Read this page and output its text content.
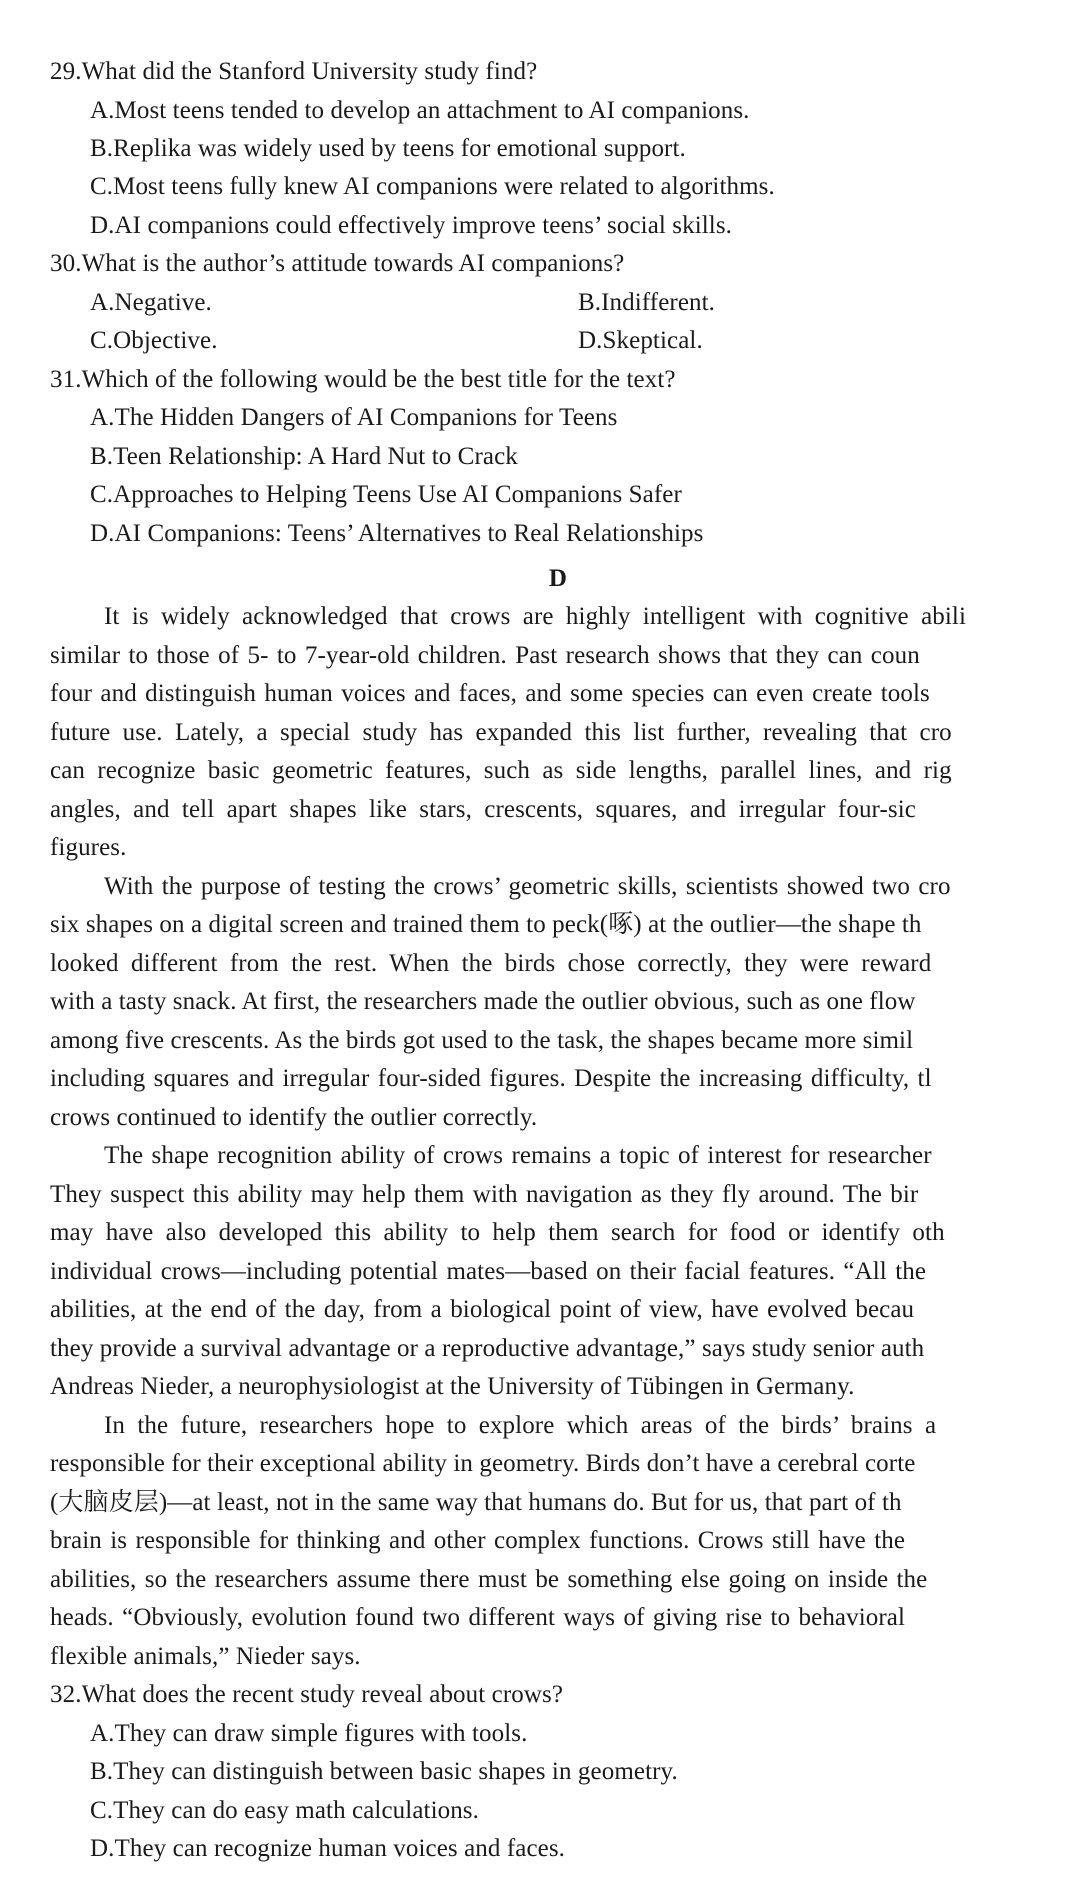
29.What did the Stanford University study find?
A.Most teens tended to develop an attachment to AI companions.
B.Replika was widely used by teens for emotional support.
C.Most teens fully knew AI companions were related to algorithms.
D.AI companions could effectively improve teens’ social skills.
30.What is the author’s attitude towards AI companions?
A.Negative.	B.Indifferent.
C.Objective.	D.Skeptical.
31.Which of the following would be the best title for the text?
A.The Hidden Dangers of AI Companions for Teens
B.Teen Relationship: A Hard Nut to Crack
C.Approaches to Helping Teens Use AI Companions Safer
D.AI Companions: Teens’ Alternatives to Real Relationships
D
It is widely acknowledged that crows are highly intelligent with cognitive abili
similar to those of 5- to 7-year-old children. Past research shows that they can coun
four and distinguish human voices and faces, and some species can even create tools
future use. Lately, a special study has expanded this list further, revealing that cro
can recognize basic geometric features, such as side lengths, parallel lines, and rig
angles, and tell apart shapes like stars, crescents, squares, and irregular four-sic
figures.
With the purpose of testing the crows’ geometric skills, scientists showed two cro
six shapes on a digital screen and trained them to peck(啄) at the outlier—the shape th
looked different from the rest. When the birds chose correctly, they were reward
with a tasty snack. At first, the researchers made the outlier obvious, such as one flow
among five crescents. As the birds got used to the task, the shapes became more simil
including squares and irregular four-sided figures. Despite the increasing difficulty, tl
crows continued to identify the outlier correctly.
The shape recognition ability of crows remains a topic of interest for researcher
They suspect this ability may help them with navigation as they fly around. The bir
may have also developed this ability to help them search for food or identify oth
individual crows—including potential mates—based on their facial features. “All the
abilities, at the end of the day, from a biological point of view, have evolved becau
they provide a survival advantage or a reproductive advantage,” says study senior auth
Andreas Nieder, a neurophysiologist at the University of Tübingen in Germany.
In the future, researchers hope to explore which areas of the birds’ brains a
responsible for their exceptional ability in geometry. Birds don’t have a cerebral corte
(大脑皮层)—at least, not in the same way that humans do. But for us, that part of th
brain is responsible for thinking and other complex functions. Crows still have the
abilities, so the researchers assume there must be something else going on inside the
heads. “Obviously, evolution found two different ways of giving rise to behavioral
flexible animals,” Nieder says.
32.What does the recent study reveal about crows?
A.They can draw simple figures with tools.
B.They can distinguish between basic shapes in geometry.
C.They can do easy math calculations.
D.They can recognize human voices and faces.
